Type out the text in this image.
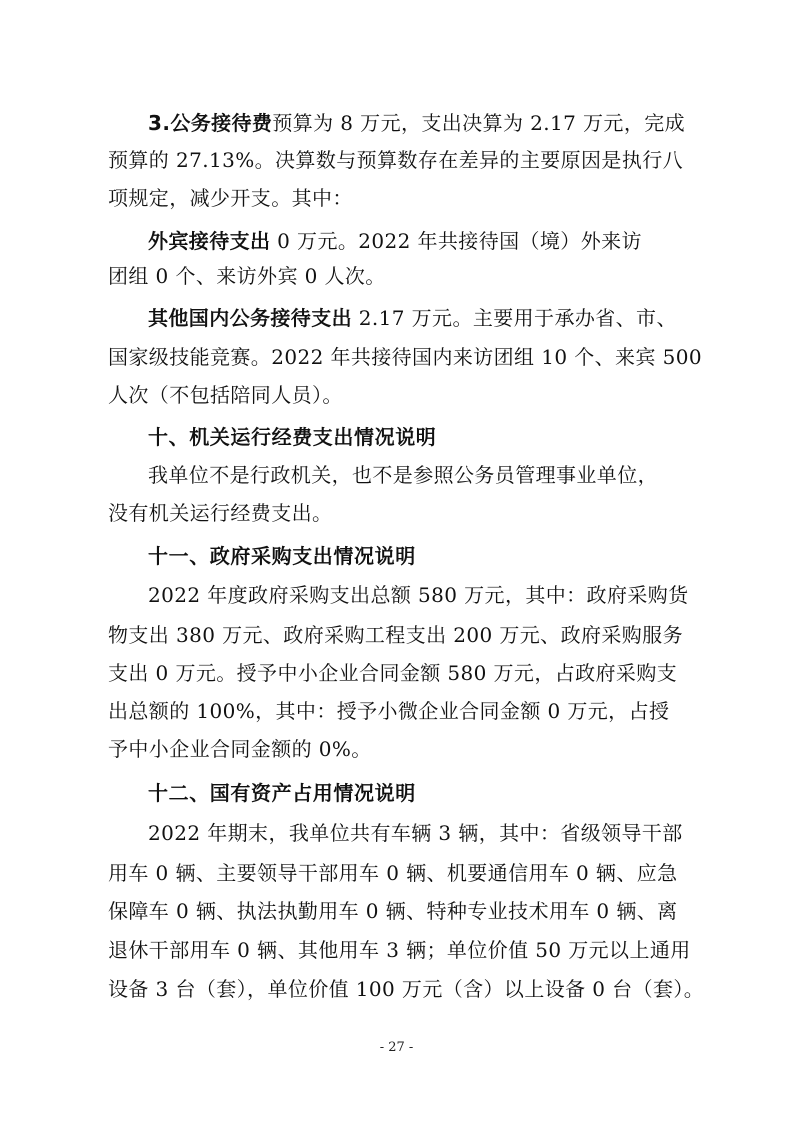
3.公务接待费预算为 8 万元，支出决算为 2.17 万元，完成
预算的 27.13%。决算数与预算数存在差异的主要原因是执行八
项规定，减少开支。其中：
外宾接待支出 0 万元。2022 年共接待国（境）外来访
团组 0 个、来访外宾 0 人次。
其他国内公务接待支出 2.17 万元。主要用于承办省、市、
国家级技能竞赛。2022 年共接待国内来访团组 10 个、来宾 500
人次（不包括陪同人员）。
十、机关运行经费支出情况说明
我单位不是行政机关，也不是参照公务员管理事业单位，
没有机关运行经费支出。
十一、政府采购支出情况说明
2022 年度政府采购支出总额 580 万元，其中：政府采购货
物支出 380 万元、政府采购工程支出 200 万元、政府采购服务
支出 0 万元。授予中小企业合同金额 580 万元，占政府采购支
出总额的 100%，其中：授予小微企业合同金额 0 万元，占授
予中小企业合同金额的 0%。
十二、国有资产占用情况说明
2022 年期末，我单位共有车辆 3 辆，其中：省级领导干部
用车 0 辆、主要领导干部用车 0 辆、机要通信用车 0 辆、应急
保障车 0 辆、执法执勤用车 0 辆、特种专业技术用车 0 辆、离
退休干部用车 0 辆、其他用车 3 辆；单位价值 50 万元以上通用
设备 3 台（套），单位价值 100 万元（含）以上设备 0 台（套）。
- 27 -
